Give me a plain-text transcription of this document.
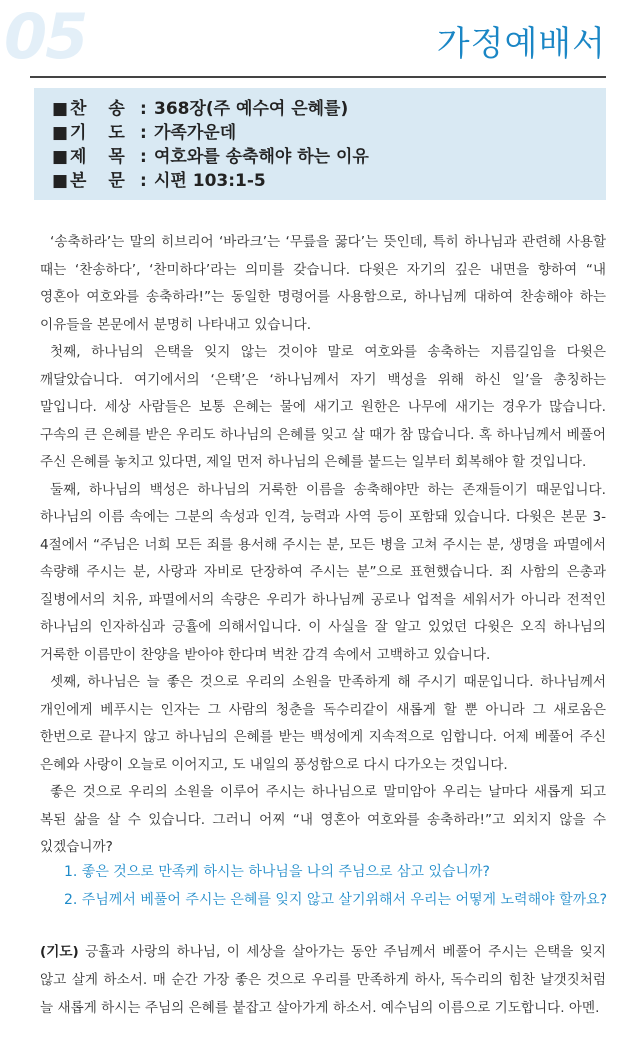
05	가정예배서
■ 찬 송 : 368장(주 예수여 은혜를)
■ 기 도 : 가족가운데
■ 제 목 : 여호와를 송축해야 하는 이유
■ 본 문 : 시편 103:1-5

‘송축하라’는 말의 히브리어 ‘바라크’는 ‘무릎을 꿇다’는 뜻인데, 특히 하나님과 관련해 사용할 때는 ‘찬송하다’, ‘찬미하다’라는 의미를 갖습니다. 다윗은 자기의 깊은 내면을 향하여 “내 영혼아 여호와를 송축하라!”는 동일한 명령어를 사용함으로, 하나님께 대하여 찬송해야 하는 이유들을 본문에서 분명히 나타내고 있습니다.

첫째, 하나님의 은택을 잊지 않는 것이야 말로 여호와를 송축하는 지름길임을 다윗은 깨달았습니다. 여기에서의 ‘은택’은 ‘하나님께서 자기 백성을 위해 하신 일’을 총칭하는 말입니다. 세상 사람들은 보통 은혜는 물에 새기고 원한은 나무에 새기는 경우가 많습니다. 구속의 큰 은혜를 받은 우리도 하나님의 은혜를 잊고 살 때가 참 많습니다. 혹 하나님께서 베풀어 주신 은혜를 놓치고 있다면, 제일 먼저 하나님의 은혜를 붙드는 일부터 회복해야 할 것입니다.

둘째, 하나님의 백성은 하나님의 거룩한 이름을 송축해야만 하는 존재들이기 때문입니다. 하나님의 이름 속에는 그분의 속성과 인격, 능력과 사역 등이 포함돼 있습니다. 다윗은 본문 3-4절에서 “주님은 너희 모든 죄를 용서해 주시는 분, 모든 병을 고쳐 주시는 분, 생명을 파멸에서 속량해 주시는 분, 사랑과 자비로 단장하여 주시는 분”으로 표현했습니다. 죄 사함의 은총과 질병에서의 치유, 파멸에서의 속량은 우리가 하나님께 공로나 업적을 세워서가 아니라 전적인 하나님의 인자하심과 긍휼에 의해서입니다. 이 사실을 잘 알고 있었던 다윗은 오직 하나님의 거룩한 이름만이 찬양을 받아야 한다며 벅찬 감격 속에서 고백하고 있습니다.

셋째, 하나님은 늘 좋은 것으로 우리의 소원을 만족하게 해 주시기 때문입니다. 하나님께서 개인에게 베푸시는 인자는 그 사람의 청춘을 독수리같이 새롭게 할 뿐 아니라 그 새로움은 한번으로 끝나지 않고 하나님의 은혜를 받는 백성에게 지속적으로 임합니다. 어제 베풀어 주신 은혜와 사랑이 오늘로 이어지고, 도 내일의 풍성함으로 다시 다가오는 것입니다.

좋은 것으로 우리의 소원을 이루어 주시는 하나님으로 말미암아 우리는 날마다 새롭게 되고 복된 삶을 살 수 있습니다. 그러니 어찌 “내 영혼아 여호와를 송축하라!”고 외치지 않을 수 있겠습니까?

1. 좋은 것으로 만족케 하시는 하나님을 나의 주님으로 삼고 있습니까?
2. 주님께서 베풀어 주시는 은혜를 잊지 않고 살기위해서 우리는 어떻게 노력해야 할까요?

(기도) 긍휼과 사랑의 하나님, 이 세상을 살아가는 동안 주님께서 베풀어 주시는 은택을 잊지 않고 살게 하소서. 매 순간 가장 좋은 것으로 우리를 만족하게 하사, 독수리의 힘찬 날갯짓처럼 늘 새롭게 하시는 주님의 은혜를 붙잡고 살아가게 하소서. 예수님의 이름으로 기도합니다. 아멘.
